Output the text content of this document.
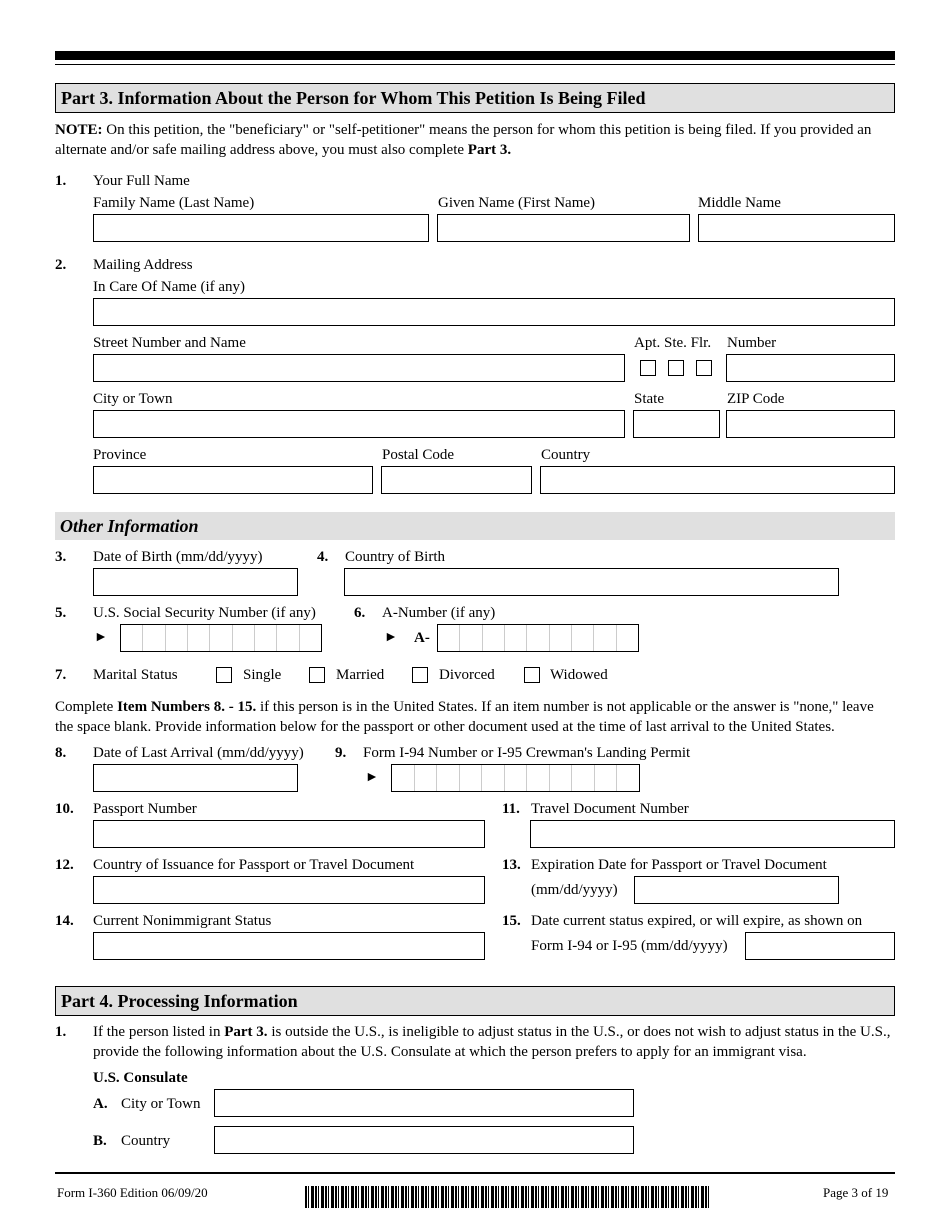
Part 3. Information About the Person for Whom This Petition Is Being Filed
NOTE: On this petition, the "beneficiary" or "self-petitioner" means the person for whom this petition is being filed. If you provided an alternate and/or safe mailing address above, you must also complete Part 3.
1. Your Full Name
Family Name (Last Name)	Given Name (First Name)	Middle Name
2. Mailing Address
In Care Of Name (if any)
Street Number and Name	Apt. Ste. Flr. Number
City or Town	State	ZIP Code
Province	Postal Code	Country
Other Information
3. Date of Birth (mm/dd/yyyy)	4. Country of Birth
5. U.S. Social Security Number (if any)
►
6. A-Number (if any)
► A-
7. Marital Status	Single	Married	Divorced	Widowed
Complete Item Numbers 8. - 15. if this person is in the United States. If an item number is not applicable or the answer is "none," leave the space blank. Provide information below for the passport or other document used at the time of last arrival to the United States.
8. Date of Last Arrival (mm/dd/yyyy) 9. Form I-94 Number or I-95 Crewman's Landing Permit
►
10. Passport Number	11. Travel Document Number
12. Country of Issuance for Passport or Travel Document	13. Expiration Date for Passport or Travel Document
(mm/dd/yyyy)
14. Current Nonimmigrant Status	15. Date current status expired, or will expire, as shown on
Form I-94 or I-95 (mm/dd/yyyy)
Part 4. Processing Information
1. If the person listed in Part 3. is outside the U.S., is ineligible to adjust status in the U.S., or does not wish to adjust status in the U.S., provide the following information about the U.S. Consulate at which the person prefers to apply for an immigrant visa.
U.S. Consulate
A. City or Town
B. Country
Form I-360 Edition 06/09/20	Page 3 of 19
